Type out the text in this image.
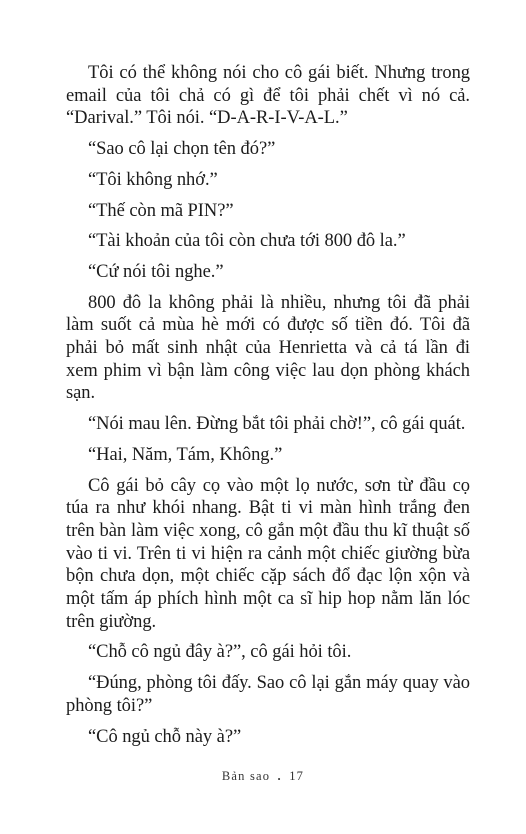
Tôi có thể không nói cho cô gái biết. Nhưng trong email của tôi chả có gì để tôi phải chết vì nó cả. “Darival.” Tôi nói. “D-A-R-I-V-A-L.”

“Sao cô lại chọn tên đó?”

“Tôi không nhớ.”

“Thế còn mã PIN?”

“Tài khoản của tôi còn chưa tới 800 đô la.”

“Cứ nói tôi nghe.”

800 đô la không phải là nhiều, nhưng tôi đã phải làm suốt cả mùa hè mới có được số tiền đó. Tôi đã phải bỏ mất sinh nhật của Henrietta và cả tá lần đi xem phim vì bận làm công việc lau dọn phòng khách sạn.

“Nói mau lên. Đừng bắt tôi phải chờ!”, cô gái quát.

“Hai, Năm, Tám, Không.”

Cô gái bỏ cây cọ vào một lọ nước, sơn từ đầu cọ túa ra như khói nhang. Bật ti vi màn hình trắng đen trên bàn làm việc xong, cô gắn một đầu thu kĩ thuật số vào ti vi. Trên ti vi hiện ra cảnh một chiếc giường bừa bộn chưa dọn, một chiếc cặp sách đổ đạc lộn xộn và một tấm áp phích hình một ca sĩ hip hop nằm lăn lóc trên giường.

“Chỗ cô ngủ đây à?”, cô gái hỏi tôi.

“Đúng, phòng tôi đấy. Sao cô lại gắn máy quay vào phòng tôi?”

“Cô ngủ chỗ này à?”

Bản sao . 17
